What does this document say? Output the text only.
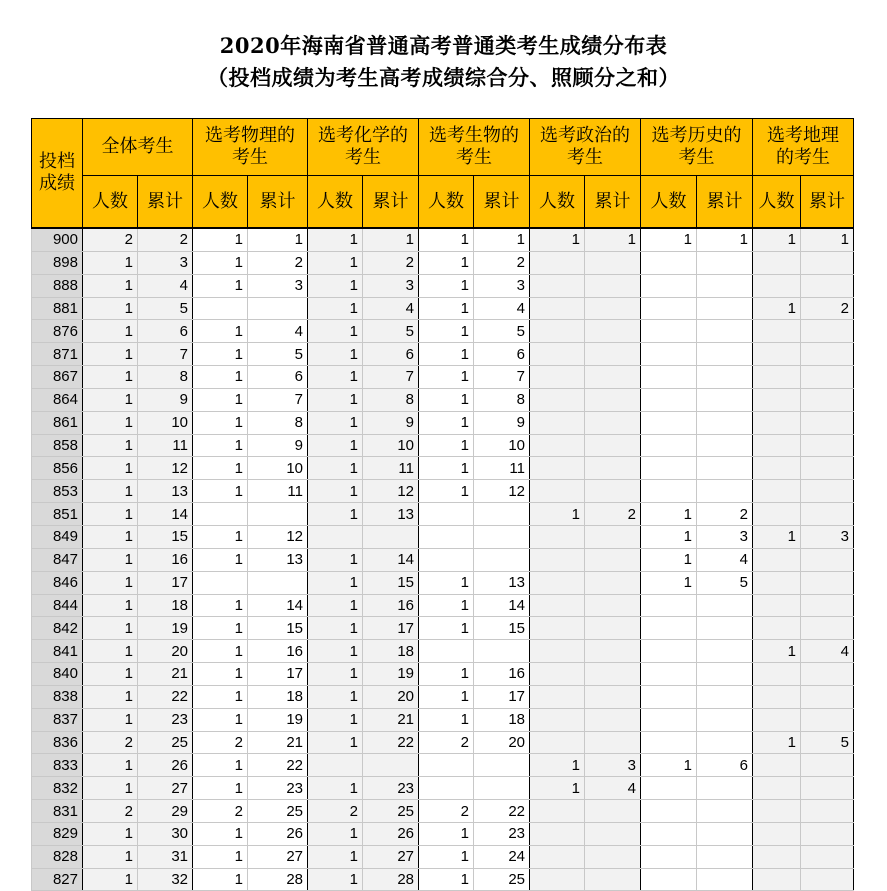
2020年海南省普通高考普通类考生成绩分布表
（投档成绩为考生高考成绩综合分、照顾分之和）
投档成绩	全体考生		选考物理的考生		选考化学的考生		选考生物的考生		选考政治的考生		选考历史的考生		选考地理的考生	
	人数	累计	人数	累计	人数	累计	人数	累计	人数	累计	人数	累计	人数	累计
900	2	2	1	1	1	1	1	1	1	1	1	1	1	1
898	1	3	1	2	1	2	1	2						
888	1	4	1	3	1	3	1	3						
881	1	5			1	4	1	4					1	2
876	1	6	1	4	1	5	1	5						
871	1	7	1	5	1	6	1	6						
867	1	8	1	6	1	7	1	7						
864	1	9	1	7	1	8	1	8						
861	1	10	1	8	1	9	1	9						
858	1	11	1	9	1	10	1	10						
856	1	12	1	10	1	11	1	11						
853	1	13	1	11	1	12	1	12						
851	1	14			1	13			1	2	1	2		
849	1	15	1	12							1	3	1	3
847	1	16	1	13	1	14					1	4		
846	1	17			1	15	1	13			1	5		
844	1	18	1	14	1	16	1	14						
842	1	19	1	15	1	17	1	15						
841	1	20	1	16	1	18							1	4
840	1	21	1	17	1	19	1	16						
838	1	22	1	18	1	20	1	17						
837	1	23	1	19	1	21	1	18						
836	2	25	2	21	1	22	2	20					1	5
833	1	26	1	22					1	3	1	6		
832	1	27	1	23	1	23			1	4				
831	2	29	2	25	2	25	2	22						
829	1	30	1	26	1	26	1	23						
828	1	31	1	27	1	27	1	24						
827	1	32	1	28	1	28	1	25						
